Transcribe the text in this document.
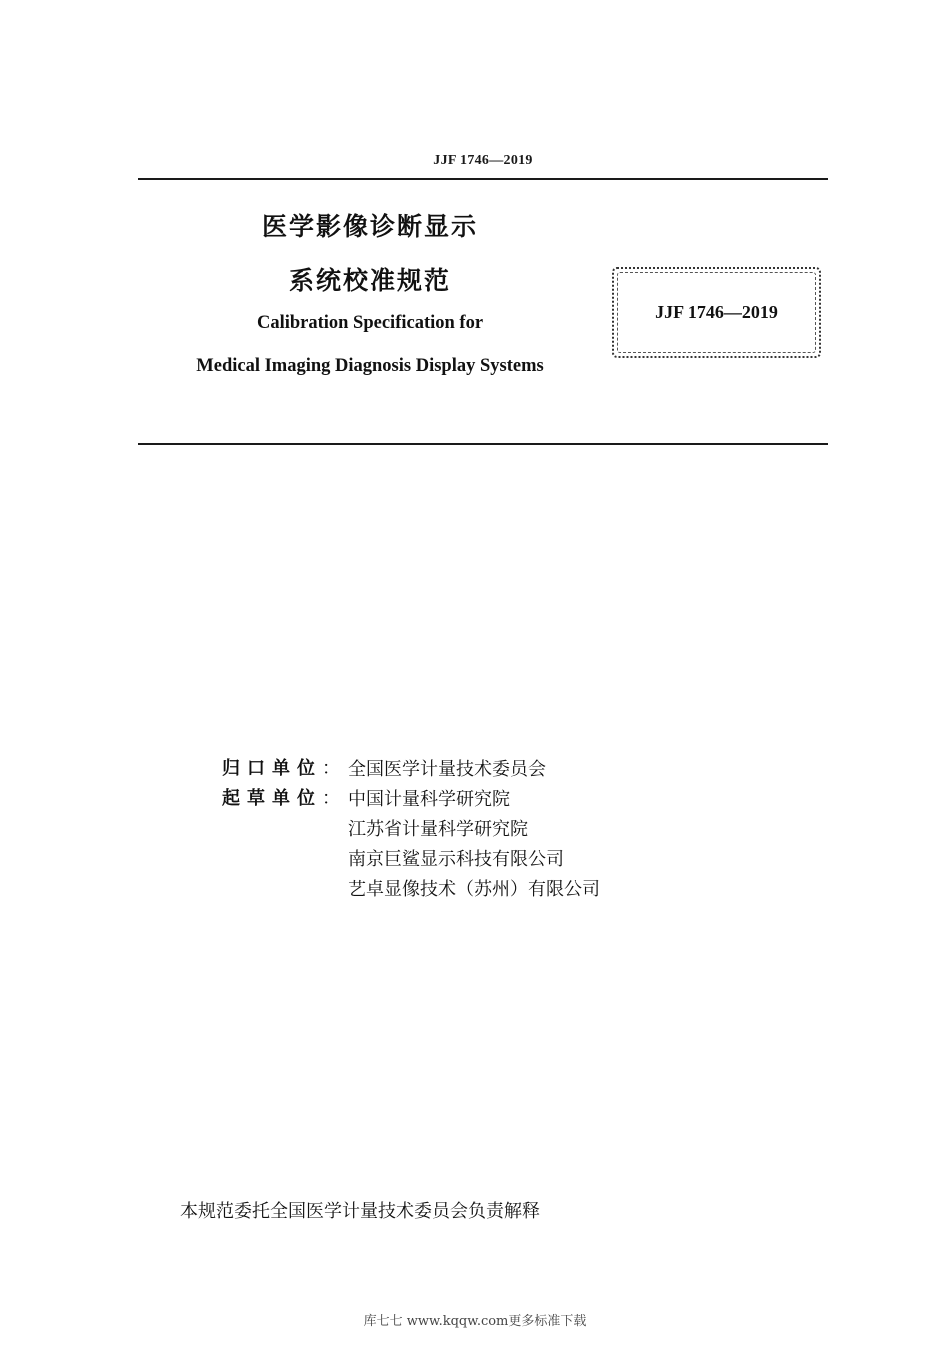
JJF 1746—2019
医学影像诊断显示
系统校准规范
Calibration Specification for
Medical Imaging Diagnosis Display Systems
JJF 1746—2019
归口单位： 全国医学计量技术委员会
起草单位： 中国计量科学研究院
江苏省计量科学研究院
南京巨鲨显示科技有限公司
艺卓显像技术（苏州）有限公司
本规范委托全国医学计量技术委员会负责解释
库七七 www.kqqw.com更多标准下载
